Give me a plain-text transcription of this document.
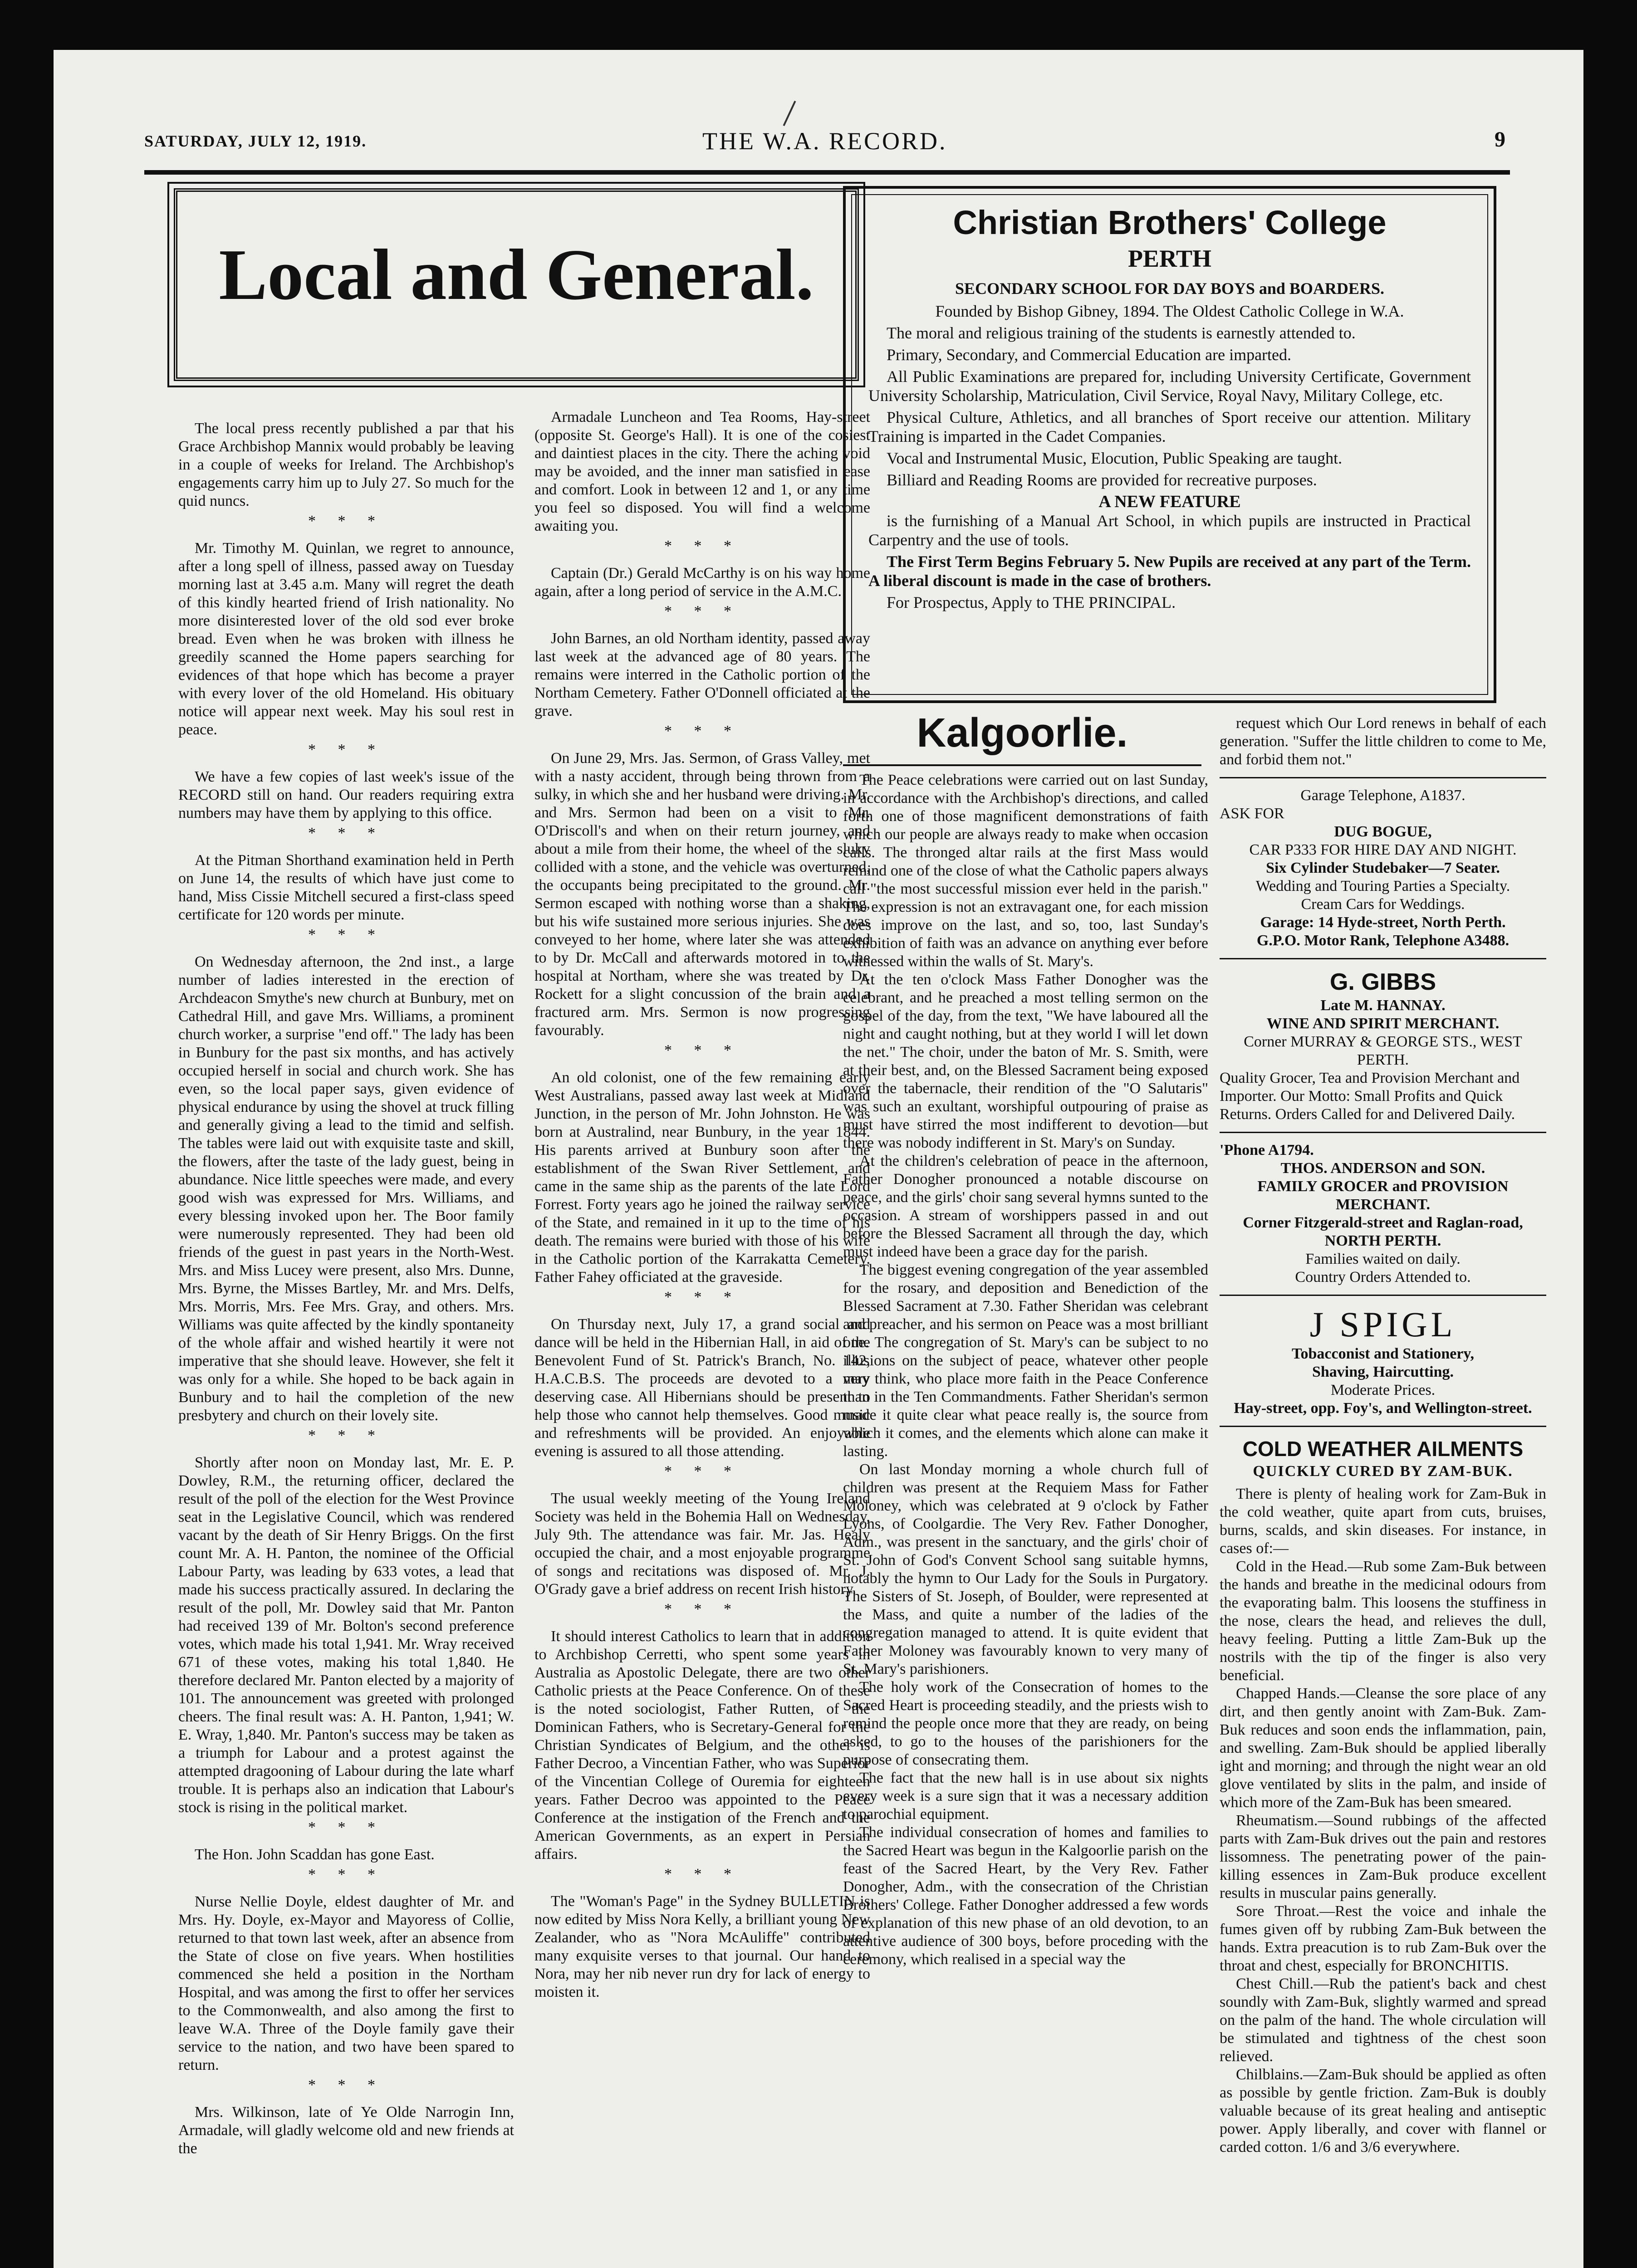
SATURDAY, JULY 12, 1919.	THE W.A. RECORD.	9
Local and General.

The local press recently published a par that his Grace Archbishop Mannix would probably be leaving in a couple of weeks for Ireland. The Archbishop's engagements carry him up to July 27. So much for the quid nuncs.

* * *

Mr. Timothy M. Quinlan, we regret to announce, after a long spell of illness, passed away on Tuesday morning last at 3.45 a.m. Many will regret the death of this kindly hearted friend of Irish nationality. No more disinterested lover of the old sod ever broke bread. Even when he was broken with illness he greedily scanned the Home papers searching for evidences of that hope which has become a prayer with every lover of the old Homeland. His obituary notice will appear next week. May his soul rest in peace.

* * *

We have a few copies of last week's issue of the RECORD still on hand. Our readers requiring extra numbers may have them by applying to this office.

* * *

At the Pitman Shorthand examination held in Perth on June 14, the results of which have just come to hand, Miss Cissie Mitchell secured a first-class speed certificate for 120 words per minute.

* * *

On Wednesday afternoon, the 2nd inst., a large number of ladies interested in the erection of Archdeacon Smythe's new church at Bunbury, met on Cathedral Hill, and gave Mrs. Williams, a prominent church worker, a surprise "end off." The lady has been in Bunbury for the past six months, and has actively occupied herself in social and church work. She has even, so the local paper says, given evidence of physical endurance by using the shovel at truck filling and generally giving a lead to the timid and selfish. The tables were laid out with exquisite taste and skill, the flowers, after the taste of the lady guest, being in abundance. Nice little speeches were made, and every good wish was expressed for Mrs. Williams, and every blessing invoked upon her. The Boor family were numerously represented. They had been old friends of the guest in past years in the North-West. Mrs. and Miss Lucey were present, also Mrs. Dunne, Mrs. Byrne, the Misses Bartley, Mr. and Mrs. Delfs, Mrs. Morris, Mrs. Fee Mrs. Gray, and others. Mrs. Williams was quite affected by the kindly spontaneity of the whole affair and wished heartily it were not imperative that she should leave. However, she felt it was only for a while. She hoped to be back again in Bunbury and to hail the completion of the new presbytery and church on their lovely site.

* * *

Shortly after noon on Monday last, Mr. E. P. Dowley, R.M., the returning officer, declared the result of the poll of the election for the West Province seat in the Legislative Council, which was rendered vacant by the death of Sir Henry Briggs. On the first count Mr. A. H. Panton, the nominee of the Official Labour Party, was leading by 633 votes, a lead that made his success practically assured. In declaring the result of the poll, Mr. Dowley said that Mr. Panton had received 139 of Mr. Bolton's second preference votes, which made his total 1,941. Mr. Wray received 671 of these votes, making his total 1,840. He therefore declared Mr. Panton elected by a majority of 101. The announcement was greeted with prolonged cheers. The final result was: A. H. Panton, 1,941; W. E. Wray, 1,840. Mr. Panton's success may be taken as a triumph for Labour and a protest against the attempted dragooning of Labour during the late wharf trouble. It is perhaps also an indication that Labour's stock is rising in the political market.

* * *

The Hon. John Scaddan has gone East.

* * *

Nurse Nellie Doyle, eldest daughter of Mr. and Mrs. Hy. Doyle, ex-Mayor and Mayoress of Collie, returned to that town last week, after an absence from the State of close on five years. When hostilities commenced she held a position in the Northam Hospital, and was among the first to offer her services to the Commonwealth, and also among the first to leave W.A. Three of the Doyle family gave their service to the nation, and two have been spared to return.

* * *

Mrs. Wilkinson, late of Ye Olde Narrogin Inn, Armadale, will gladly welcome old and new friends at the

Armadale Luncheon and Tea Rooms, Hay-street (opposite St. George's Hall). It is one of the cosiest and daintiest places in the city. There the aching void may be avoided, and the inner man satisfied in ease and comfort. Look in between 12 and 1, or any time you feel so disposed. You will find a welcome awaiting you.

* * *

Captain (Dr.) Gerald McCarthy is on his way home again, after a long period of service in the A.M.C.

* * *

John Barnes, an old Northam identity, passed away last week at the advanced age of 80 years. The remains were interred in the Catholic portion of the Northam Cemetery. Father O'Donnell officiated at the grave.

* * *

On June 29, Mrs. Jas. Sermon, of Grass Valley, met with a nasty accident, through being thrown from a sulky, in which she and her husband were driving. Mr. and Mrs. Sermon had been on a visit to Mr. O'Driscoll's and when on their return journey, and about a mile from their home, the wheel of the sluky collided with a stone, and the vehicle was overturned, the occupants being precipitated to the ground. Mr. Sermon escaped with nothing worse than a shaking, but his wife sustained more serious injuries. She was conveyed to her home, where later she was attended to by Dr. McCall and afterwards motored in to the hospital at Northam, where she was treated by Dr. Rockett for a slight concussion of the brain and a fractured arm. Mrs. Sermon is now progressing favourably.

* * *

An old colonist, one of the few remaining early West Australians, passed away last week at Midland Junction, in the person of Mr. John Johnston. He was born at Australind, near Bunbury, in the year 1844. His parents arrived at Bunbury soon after the establishment of the Swan River Settlement, and came in the same ship as the parents of the late Lord Forrest. Forty years ago he joined the railway service of the State, and remained in it up to the time of his death. The remains were buried with those of his wife in the Catholic portion of the Karrakatta Cemetery. Father Fahey officiated at the graveside.

* * *

On Thursday next, July 17, a grand social and dance will be held in the Hibernian Hall, in aid of the Benevolent Fund of St. Patrick's Branch, No. 142, H.A.C.B.S. The proceeds are devoted to a very deserving case. All Hibernians should be present to help those who cannot help themselves. Good music and refreshments will be provided. An enjoyable evening is assured to all those attending.

* * *

The usual weekly meeting of the Young Ireland Society was held in the Bohemia Hall on Wednesday, July 9th. The attendance was fair. Mr. Jas. Healy occupied the chair, and a most enjoyable programme of songs and recitations was disposed of. Mr. J. O'Grady gave a brief address on recent Irish history.

* * *

It should interest Catholics to learn that in addition to Archbishop Cerretti, who spent some years in Australia as Apostolic Delegate, there are two other Catholic priests at the Peace Conference. On of these is the noted sociologist, Father Rutten, of the Dominican Fathers, who is Secretary-General for the Christian Syndicates of Belgium, and the other is Father Decroo, a Vincentian Father, who was Superior of the Vincentian College of Ouremia for eighteen years. Father Decroo was appointed to the Peace Conference at the instigation of the French and the American Governments, as an expert in Persian affairs.

* * *

The "Woman's Page" in the Sydney BULLETIN is now edited by Miss Nora Kelly, a brilliant young New Zealander, who as "Nora McAuliffe" contributed many exquisite verses to that journal. Our hand to Nora, may her nib never run dry for lack of energy to moisten it.

Christian Brothers' College
PERTH
SECONDARY SCHOOL FOR DAY BOYS and BOARDERS.

Founded by Bishop Gibney, 1894. The Oldest Catholic College in W.A.

The moral and religious training of the students is earnestly attended to.

Primary, Secondary, and Commercial Education are imparted.

All Public Examinations are prepared for, including University Certificate, Government University Scholarship, Matriculation, Civil Service, Royal Navy, Military College, etc.

Physical Culture, Athletics, and all branches of Sport receive our attention. Military Training is imparted in the Cadet Companies.

Vocal and Instrumental Music, Elocution, Public Speaking are taught.

Billiard and Reading Rooms are provided for recreative purposes.

A NEW FEATURE

is the furnishing of a Manual Art School, in which pupils are instructed in Practical Carpentry and the use of tools.

The First Term Begins February 5. New Pupils are received at any part of the Term. A liberal discount is made in the case of brothers.

For Prospectus, Apply to THE PRINCIPAL.

Kalgoorlie.

The Peace celebrations were carried out on last Sunday, in accordance with the Archbishop's directions, and called forth one of those magnificent demonstrations of faith which our people are always ready to make when occasion calls. The thronged altar rails at the first Mass would remind one of the close of what the Catholic papers always call "the most successful mission ever held in the parish." The expression is not an extravagant one, for each mission does improve on the last, and so, too, last Sunday's exhibition of faith was an advance on anything ever before witnessed within the walls of St. Mary's.

At the ten o'clock Mass Father Donogher was the celebrant, and he preached a most telling sermon on the gospel of the day, from the text, "We have laboured all the night and caught nothing, but at they world I will let down the net." The choir, under the baton of Mr. S. Smith, were at their best, and, on the Blessed Sacrament being exposed over the tabernacle, their rendition of the "O Salutaris" was such an exultant, worshipful outpouring of praise as must have stirred the most indifferent to devotion—but there was nobody indifferent in St. Mary's on Sunday.

At the children's celebration of peace in the afternoon, Father Donogher pronounced a notable discourse on peace, and the girls' choir sang several hymns sunted to the occasion. A stream of worshippers passed in and out before the Blessed Sacrament all through the day, which must indeed have been a grace day for the parish.

The biggest evening congregation of the year assembled for the rosary, and deposition and Benediction of the Blessed Sacrament at 7.30. Father Sheridan was celebrant and preacher, and his sermon on Peace was a most brilliant one. The congregation of St. Mary's can be subject to no illusions on the subject of peace, whatever other people may think, who place more faith in the Peace Conference than in the Ten Commandments. Father Sheridan's sermon made it quite clear what peace really is, the source from which it comes, and the elements which alone can make it lasting.

On last Monday morning a whole church full of children was present at the Requiem Mass for Father Moloney, which was celebrated at 9 o'clock by Father Lyons, of Coolgardie. The Very Rev. Father Donogher, Adm., was present in the sanctuary, and the girls' choir of St. John of God's Convent School sang suitable hymns, notably the hymn to Our Lady for the Souls in Purgatory. The Sisters of St. Joseph, of Boulder, were represented at the Mass, and quite a number of the ladies of the congregation managed to attend. It is quite evident that Father Moloney was favourably known to very many of St. Mary's parishioners.

The holy work of the Consecration of homes to the Sacred Heart is proceeding steadily, and the priests wish to remind the people once more that they are ready, on being asked, to go to the houses of the parishioners for the purpose of consecrating them.

The fact that the new hall is in use about six nights every week is a sure sign that it was a necessary addition to parochial equipment.

The individual consecration of homes and families to the Sacred Heart was begun in the Kalgoorlie parish on the feast of the Sacred Heart, by the Very Rev. Father Donogher, Adm., with the consecration of the Christian Brothers' College. Father Donogher addressed a few words of explanation of this new phase of an old devotion, to an attentive audience of 300 boys, before proceding with the ceremony, which realised in a special way the

request which Our Lord renews in behalf of each generation. "Suffer the little children to come to Me, and forbid them not."

Garage Telephone, A1837.
ASK FOR
DUG BOGUE,
CAR P333 FOR HIRE DAY AND NIGHT.
Six Cylinder Studebaker—7 Seater.
Wedding and Touring Parties a Specialty.
Cream Cars for Weddings.
Garage: 14 Hyde-street, North Perth.
G.P.O. Motor Rank, Telephone A3488.
G. GIBBS
Late M. HANNAY.
WINE AND SPIRIT MERCHANT.
Corner MURRAY & GEORGE STS., WEST PERTH.
Quality Grocer, Tea and Provision Merchant and Importer. Our Motto: Small Profits and Quick Returns. Orders Called for and Delivered Daily.
'Phone A1794.
THOS. ANDERSON and SON.
FAMILY GROCER and PROVISION MERCHANT.
Corner Fitzgerald-street and Raglan-road, NORTH PERTH.
Families waited on daily.
Country Orders Attended to.
J SPIGL
Tobacconist and Stationery,
Shaving, Haircutting.
Moderate Prices.
Hay-street, opp. Foy's, and Wellington-street.
COLD WEATHER AILMENTS
QUICKLY CURED BY ZAM-BUK.

There is plenty of healing work for Zam-Buk in the cold weather, quite apart from cuts, bruises, burns, scalds, and skin diseases. For instance, in cases of:—

Cold in the Head.—Rub some Zam-Buk between the hands and breathe in the medicinal odours from the evaporating balm. This loosens the stuffiness in the nose, clears the head, and relieves the dull, heavy feeling. Putting a little Zam-Buk up the nostrils with the tip of the finger is also very beneficial.

Chapped Hands.—Cleanse the sore place of any dirt, and then gently anoint with Zam-Buk. Zam-Buk reduces and soon ends the inflammation, pain, and swelling. Zam-Buk should be applied liberally ight and morning; and through the night wear an old glove ventilated by slits in the palm, and inside of which more of the Zam-Buk has been smeared.

Rheumatism.—Sound rubbings of the affected parts with Zam-Buk drives out the pain and restores lissomness. The penetrating power of the pain-killing essences in Zam-Buk produce excellent results in muscular pains generally.

Sore Throat.—Rest the voice and inhale the fumes given off by rubbing Zam-Buk between the hands. Extra preacution is to rub Zam-Buk over the throat and chest, especially for BRONCHITIS.

Chest Chill.—Rub the patient's back and chest soundly with Zam-Buk, slightly warmed and spread on the palm of the hand. The whole circulation will be stimulated and tightness of the chest soon relieved.

Chilblains.—Zam-Buk should be applied as often as possible by gentle friction. Zam-Buk is doubly valuable because of its great healing and antiseptic power. Apply liberally, and cover with flannel or carded cotton. 1/6 and 3/6 everywhere.
